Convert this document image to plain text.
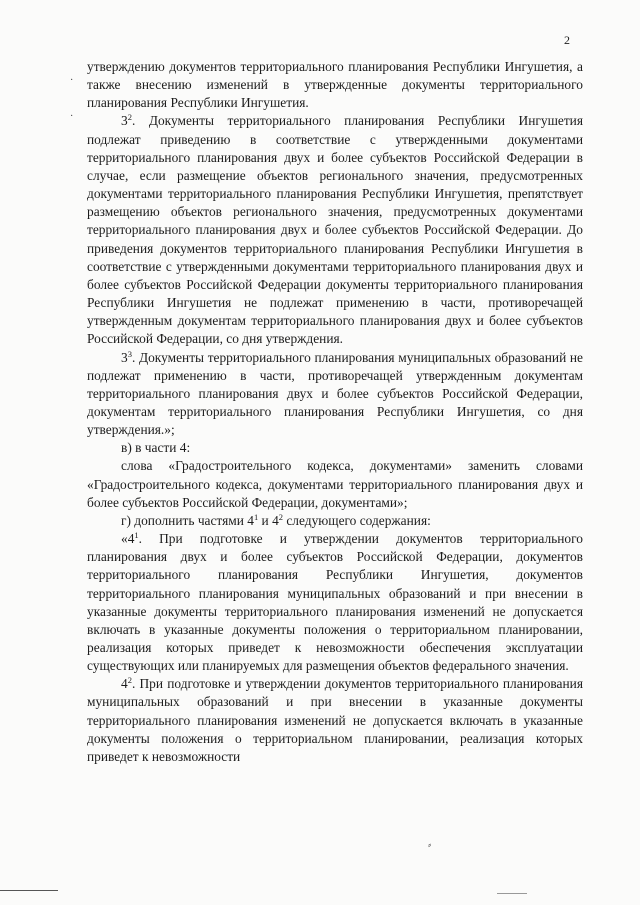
2
·
·
⸗

утверждению документов территориального планирования Республики Ингушетия, а также внесению изменений в утвержденные документы территориального планирования Республики Ингушетия.

$3^2$. Документы территориального планирования Республики Ингушетия подлежат приведению в соответствие с утвержденными документами территориального планирования двух и более субъектов Российской Федерации в случае, если размещение объектов регионального значения, предусмотренных документами территориального планирования Республики Ингушетия, препятствует размещению объектов регионального значения, предусмотренных документами территориального планирования двух и более субъектов Российской Федерации. До приведения документов территориального планирования Республики Ингушетия в соответствие с утвержденными документами территориального планирования двух и более субъектов Российской Федерации документы территориального планирования Республики Ингушетия не подлежат применению в части, противоречащей утвержденным документам территориального планирования двух и более субъектов Российской Федерации, со дня утверждения.

$3^3$. Документы территориального планирования муниципальных образований не подлежат применению в части, противоречащей утвержденным документам территориального планирования двух и более субъектов Российской Федерации, документам территориального планирования Республики Ингушетия, со дня утверждения.»;

в) в части 4:

слова «Градостроительного кодекса, документами» заменить словами «Градостроительного кодекса, документами территориального планирования двух и более субъектов Российской Федерации, документами»;

г) дополнить частями $4^1$ и $4^2$ следующего содержания:

«$4^1$. При подготовке и утверждении документов территориального планирования двух и более субъектов Российской Федерации, документов территориального планирования Республики Ингушетия, документов территориального планирования муниципальных образований и при внесении в указанные документы территориального планирования изменений не допускается включать в указанные документы положения о территориальном планировании, реализация которых приведет к невозможности обеспечения эксплуатации существующих или планируемых для размещения объектов федерального значения.

$4^2$. При подготовке и утверждении документов территориального планирования муниципальных образований и при внесении в указанные документы территориального планирования изменений не допускается включать в указанные документы положения о территориальном планировании, реализация которых приведет к невозможности
